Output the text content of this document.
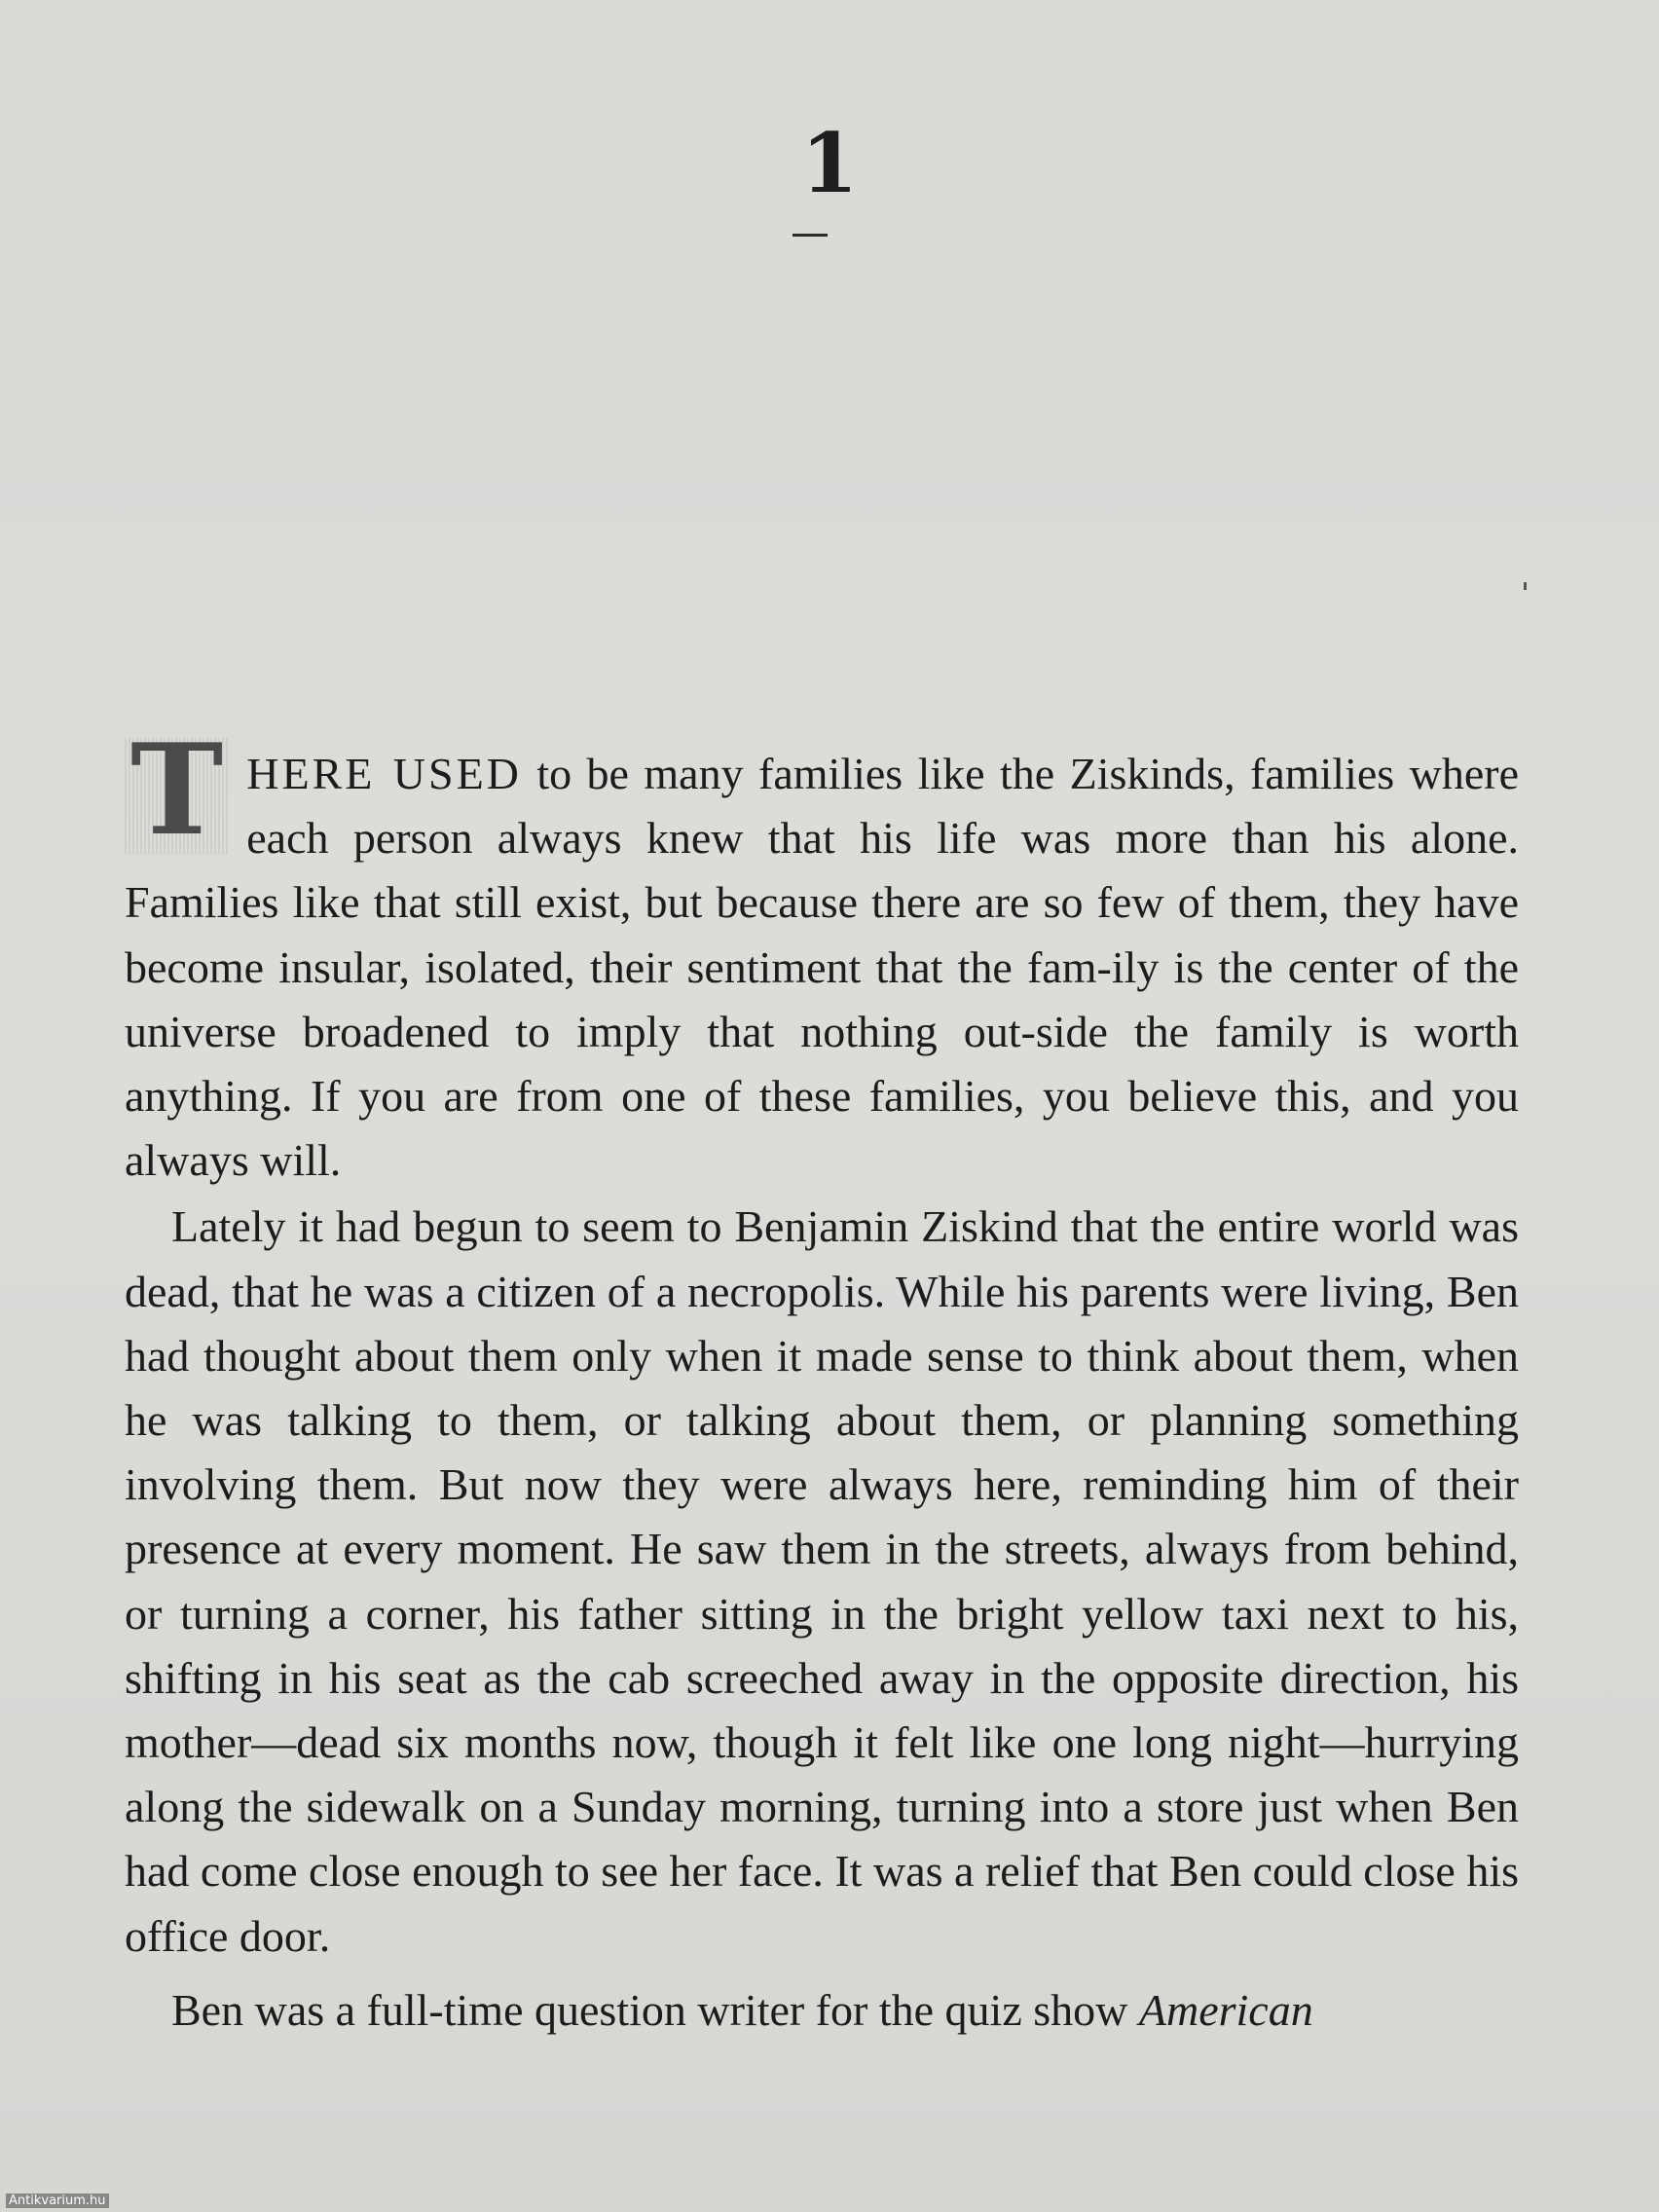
1

T HERE USED to be many families like the Ziskinds, families where each person always knew that his life was more than his alone. Families like that still exist, but because there are so few of them, they have become insular, isolated, their sentiment that the fam-ily is the center of the universe broadened to imply that nothing out-side the family is worth anything. If you are from one of these families, you believe this, and you always will.

Lately it had begun to seem to Benjamin Ziskind that the entire world was dead, that he was a citizen of a necropolis. While his parents were living, Ben had thought about them only when it made sense to think about them, when he was talking to them, or talking about them, or planning something involving them. But now they were always here, reminding him of their presence at every moment. He saw them in the streets, always from behind, or turning a corner, his father sitting in the bright yellow taxi next to his, shifting in his seat as the cab screeched away in the opposite direction, his mother—dead six months now, though it felt like one long night—hurrying along the sidewalk on a Sunday morning, turning into a store just when Ben had come close enough to see her face. It was a relief that Ben could close his office door.

Ben was a full-time question writer for the quiz show American

Antikvarium.hu
